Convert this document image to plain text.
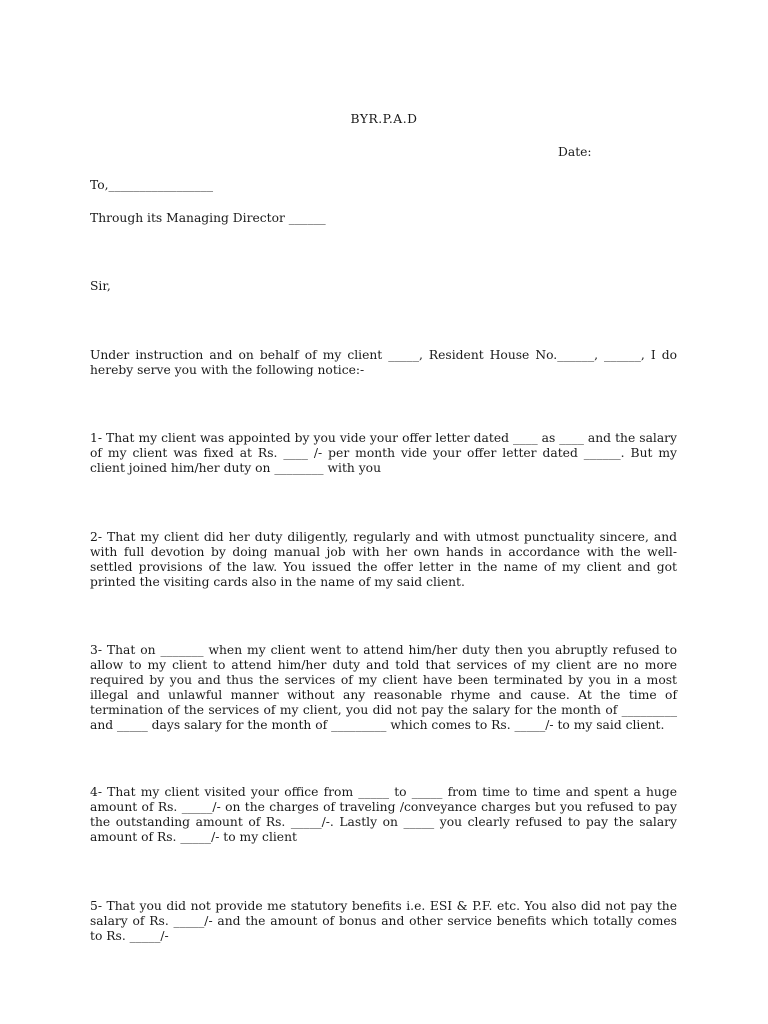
BYR.P.A.D
Date:
To,_________________
Through its Managing Director ______
Sir,
Under instruction and on behalf of my client _____, Resident House No.______, ______, I do hereby serve you with the following notice:-
1- That my client was appointed by you vide your offer letter dated ____ as ____ and the salary of my client was fixed at Rs. ____ /- per month vide your offer letter dated ______. But my client joined him/her duty on ________ with you
2- That my client did her duty diligently, regularly and with utmost punctuality sincere, and with full devotion by doing manual job with her own hands in accordance with the well-settled provisions of the law. You issued the offer letter in the name of my client and got printed the visiting cards also in the name of my said client.
3- That on _______ when my client went to attend him/her duty then you abruptly refused to allow to my client to attend him/her duty and told that services of my client are no more required by you and thus the services of my client have been terminated by you in a most illegal and unlawful manner without any reasonable rhyme and cause. At the time of termination of the services of my client, you did not pay the salary for the month of _________ and _____ days salary for the month of _________ which comes to Rs. _____/- to my said client.
4- That my client visited your office from _____ to _____ from time to time and spent a huge amount of Rs. _____/- on the charges of traveling /conveyance charges but you refused to pay the outstanding amount of Rs. _____/-. Lastly on _____ you clearly refused to pay the salary amount of Rs. _____/- to my client
5- That you did not provide me statutory benefits i.e. ESI & P.F. etc. You also did not pay the salary of Rs. _____/- and the amount of bonus and other service benefits which totally comes to Rs. _____/-
